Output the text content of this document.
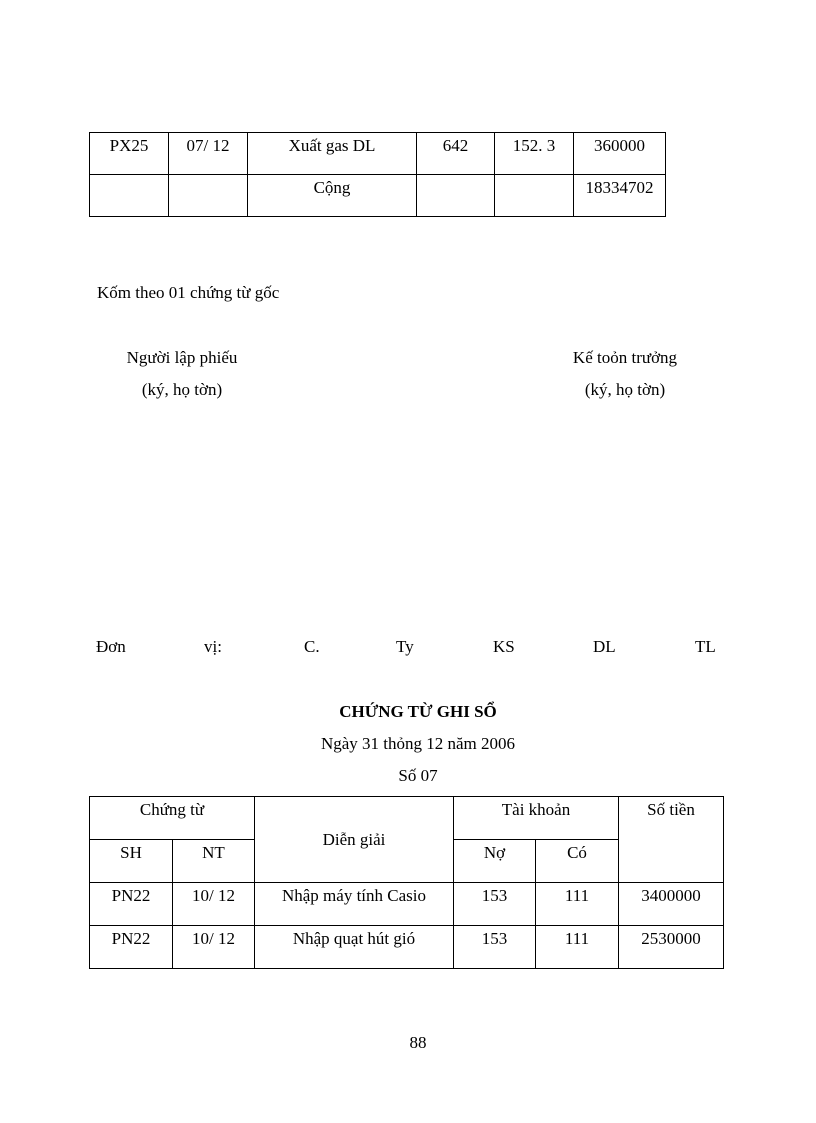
PX25	07/ 12	Xuất gas DL	642	152. 3	360000
		Cộng			18334702
Kốm theo 01 chứng từ gốc
Người lập phiếu
(ký, họ tờn)
Kế toỏn trưởng
(ký, họ tờn)
Đơn	vị:	C.	Ty	KS	DL	TL
CHỨNG TỪ GHI SỔ
Ngày 31 thỏng 12 năm 2006
Số 07
Chứng từ		Diễn giải	Tài khoản		Số tiền
SH	NT		Nợ	Có	
PN22	10/ 12	Nhập máy tính Casio	153	111	3400000
PN22	10/ 12	Nhập quạt hút gió	153	111	2530000
88
